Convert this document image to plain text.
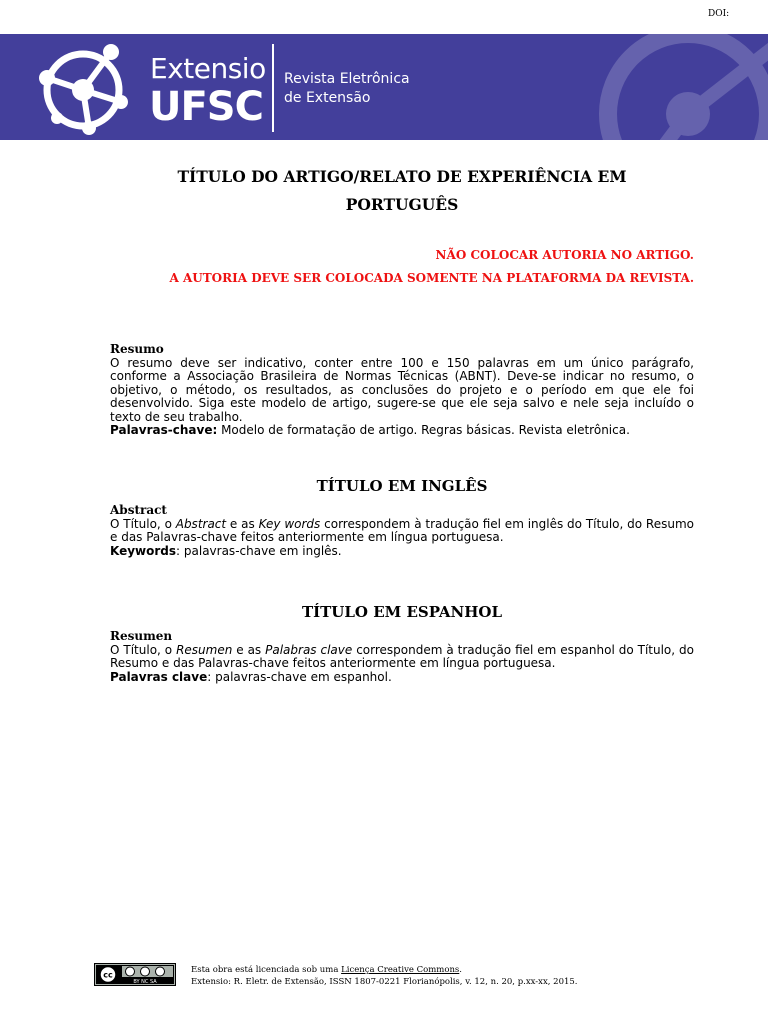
DOI:
Extensio
UFSC
Revista Eletrônica
de Extensão
TÍTULO DO ARTIGO/RELATO DE EXPERIÊNCIA EM
PORTUGUÊS
NÃO COLOCAR AUTORIA NO ARTIGO.
A AUTORIA DEVE SER COLOCADA SOMENTE NA PLATAFORMA DA REVISTA.
Resumo
O resumo deve ser indicativo, conter entre 100 e 150 palavras em um único parágrafo, conforme a Associação Brasileira de Normas Técnicas (ABNT). Deve-se indicar no resumo, o objetivo, o método, os resultados, as conclusões do projeto e o período em que ele foi desenvolvido. Siga este modelo de artigo, sugere-se que ele seja salvo e nele seja incluído o texto de seu trabalho.
Palavras-chave: Modelo de formatação de artigo. Regras básicas. Revista eletrônica.
TÍTULO EM INGLÊS
Abstract
O Título, o Abstract e as Key words correspondem à tradução fiel em inglês do Título, do Resumo e das Palavras-chave feitos anteriormente em língua portuguesa.
Keywords: palavras-chave em inglês.
TÍTULO EM ESPANHOL
Resumen
O Título, o Resumen e as Palabras clave correspondem à tradução fiel em espanhol do Título, do Resumo e das Palavras-chave feitos anteriormente em língua portuguesa.
Palavras clave: palavras-chave em espanhol.
cc
BY NC SA
Esta obra está licenciada sob uma Licença Creative Commons.
Extensio: R. Eletr. de Extensão, ISSN 1807-0221 Florianópolis, v. 12, n. 20, p.xx-xx, 2015.
